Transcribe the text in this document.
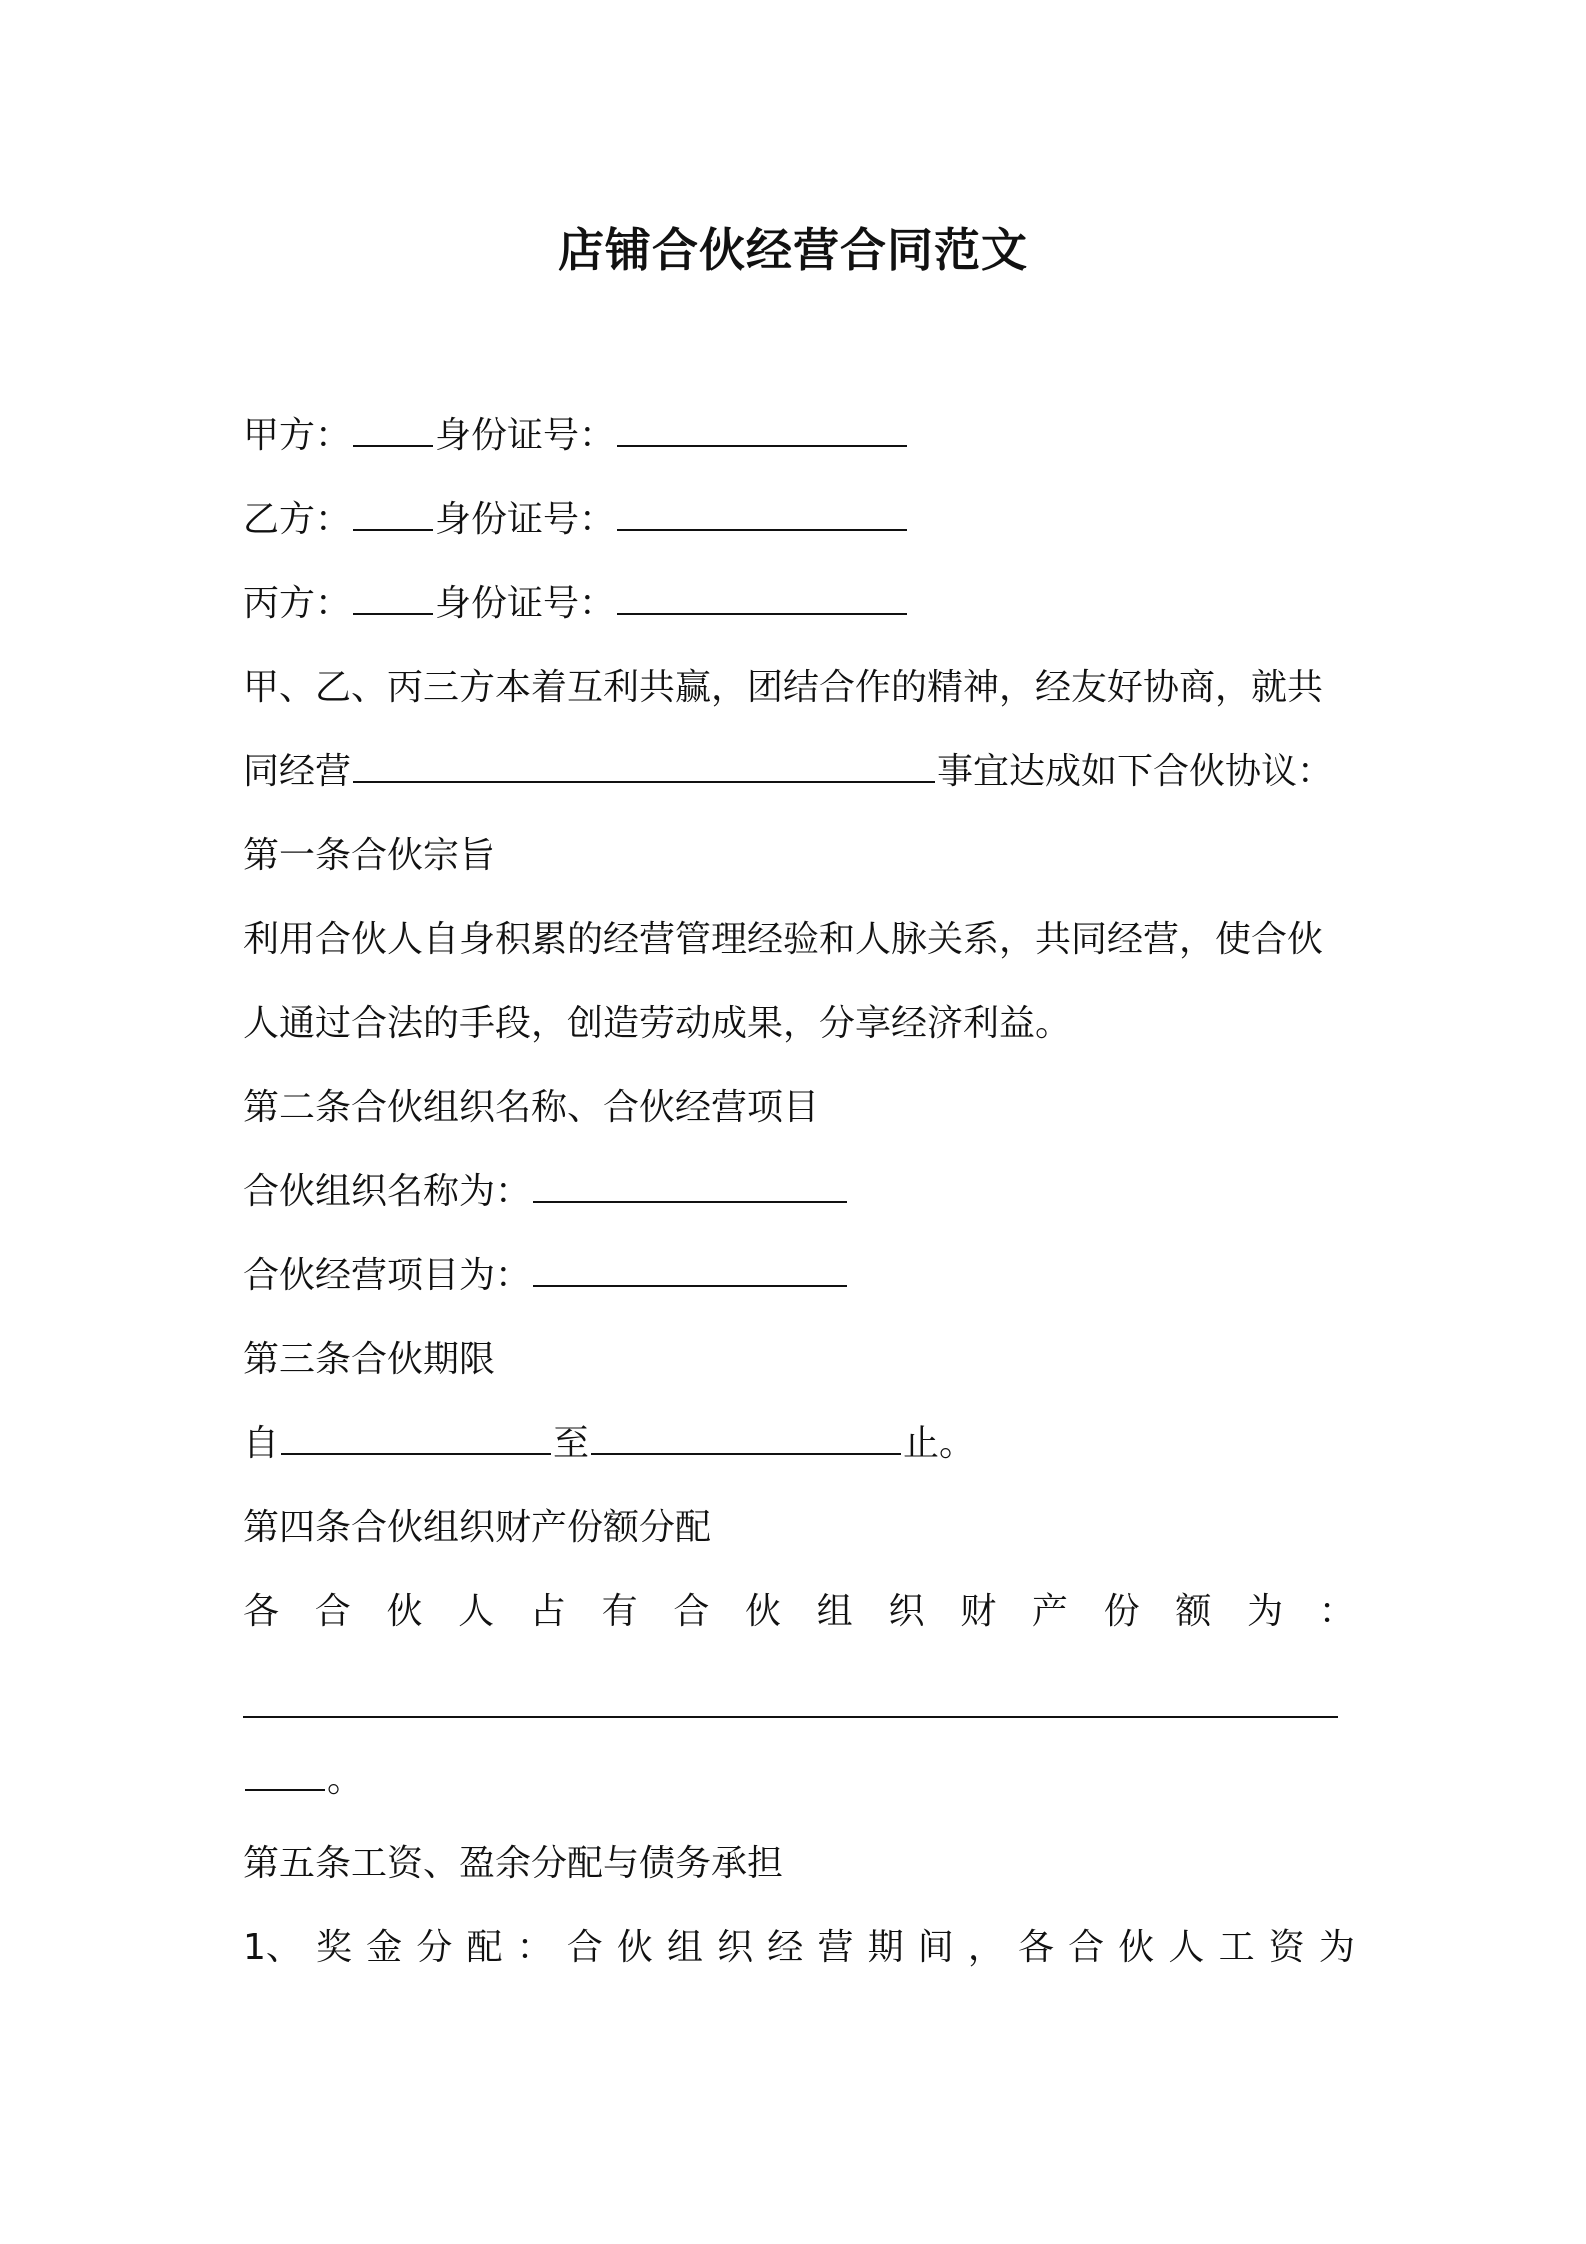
店铺合伙经营合同范文

甲方： 身份证号：

乙方： 身份证号：

丙方： 身份证号：

甲、乙、丙三方本着互利共赢，团结合作的精神，经友好协商，就共

同经营	事宜达成如下合伙协议：

第一条合伙宗旨

利用合伙人自身积累的经营管理经验和人脉关系，共同经营，使合伙

人通过合法的手段，创造劳动成果，分享经济利益。

第二条合伙组织名称、合伙经营项目

合伙组织名称为：

合伙经营项目为：

第三条合伙期限

自	至	止。

第四条合伙组织财产份额分配

各 合 伙 人 占 有 合 伙 组 织 财 产 份 额 为 ：

。

第五条工资、盈余分配与债务承担

1、 奖 金 分 配 ： 合 伙 组 织 经 营 期 间 ， 各 合 伙 人 工 资 为
